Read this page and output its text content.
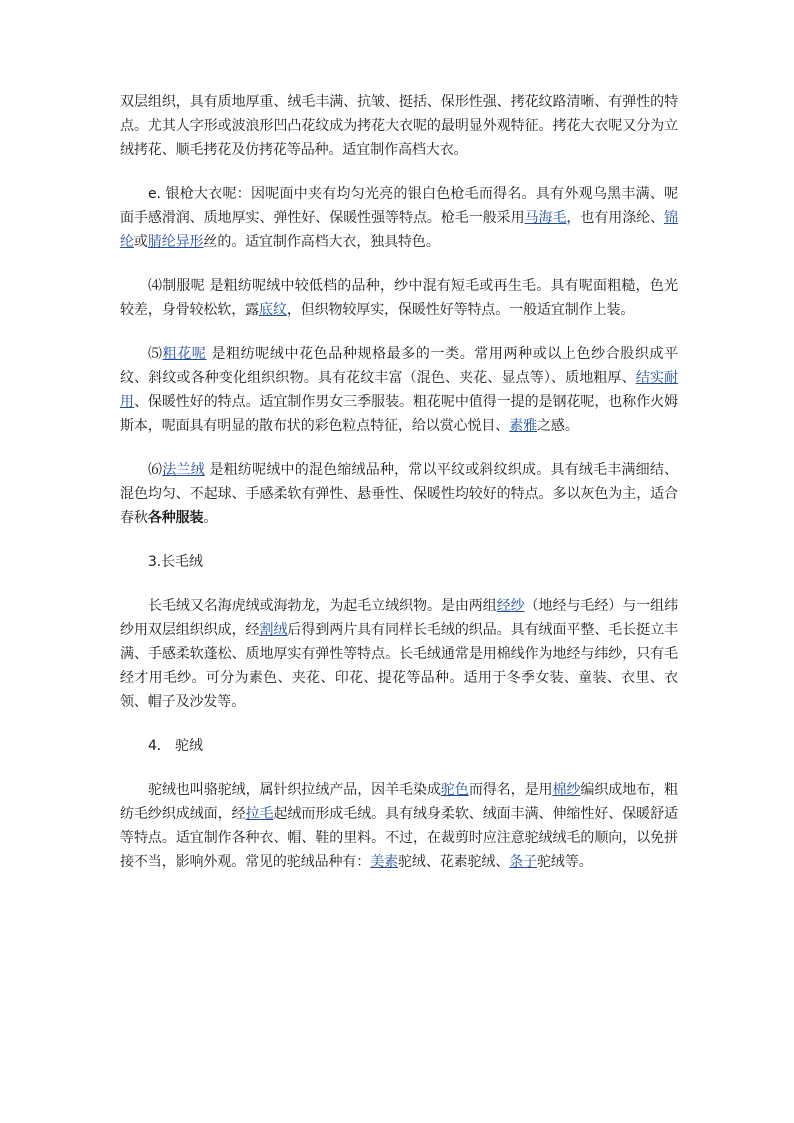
双层组织，具有质地厚重、绒毛丰满、抗皱、挺括、保形性强、拷花纹路清晰、有弹性的特点。尤其人字形或波浪形凹凸花纹成为拷花大衣呢的最明显外观特征。拷花大衣呢又分为立绒拷花、顺毛拷花及仿拷花等品种。适宜制作高档大衣。

e. 银枪大衣呢：因呢面中夹有均匀光亮的银白色枪毛而得名。具有外观乌黑丰满、呢面手感滑润、质地厚实、弹性好、保暖性强等特点。枪毛一般采用马海毛，也有用涤纶、锦纶或腈纶异形丝的。适宜制作高档大衣，独具特色。

⑷制服呢 是粗纺呢绒中较低档的品种，纱中混有短毛或再生毛。具有呢面粗糙，色光较差，身骨较松软，露底纹，但织物较厚实，保暖性好等特点。一般适宜制作上装。

⑸粗花呢 是粗纺呢绒中花色品种规格最多的一类。常用两种或以上色纱合股织成平纹、斜纹或各种变化组织织物。具有花纹丰富（混色、夹花、显点等）、质地粗厚、结实耐用、保暖性好的特点。适宜制作男女三季服装。粗花呢中值得一提的是钢花呢，也称作火姆斯本，呢面具有明显的散布状的彩色粒点特征，给以赏心悦目、素雅之感。

⑹法兰绒 是粗纺呢绒中的混色缩绒品种，常以平纹或斜纹织成。具有绒毛丰满细结、混色均匀、不起球、手感柔软有弹性、悬垂性、保暖性均较好的特点。多以灰色为主，适合春秋各种服装。

3.长毛绒

长毛绒又名海虎绒或海勃龙，为起毛立绒织物。是由两组经纱（地经与毛经）与一组纬纱用双层组织织成，经割绒后得到两片具有同样长毛绒的织品。具有绒面平整、毛长挺立丰满、手感柔软蓬松、质地厚实有弹性等特点。长毛绒通常是用棉线作为地经与纬纱，只有毛经才用毛纱。可分为素色、夹花、印花、提花等品种。适用于冬季女装、童装、衣里、衣领、帽子及沙发等。

4． 驼绒

驼绒也叫骆驼绒，属针织拉绒产品，因羊毛染成驼色而得名，是用棉纱编织成地布，粗纺毛纱织成绒面，经拉毛起绒而形成毛绒。具有绒身柔软、绒面丰满、伸缩性好、保暖舒适等特点。适宜制作各种衣、帽、鞋的里料。不过，在裁剪时应注意驼绒绒毛的顺向，以免拼接不当，影响外观。常见的驼绒品种有：美素驼绒、花素驼绒、条子驼绒等。
